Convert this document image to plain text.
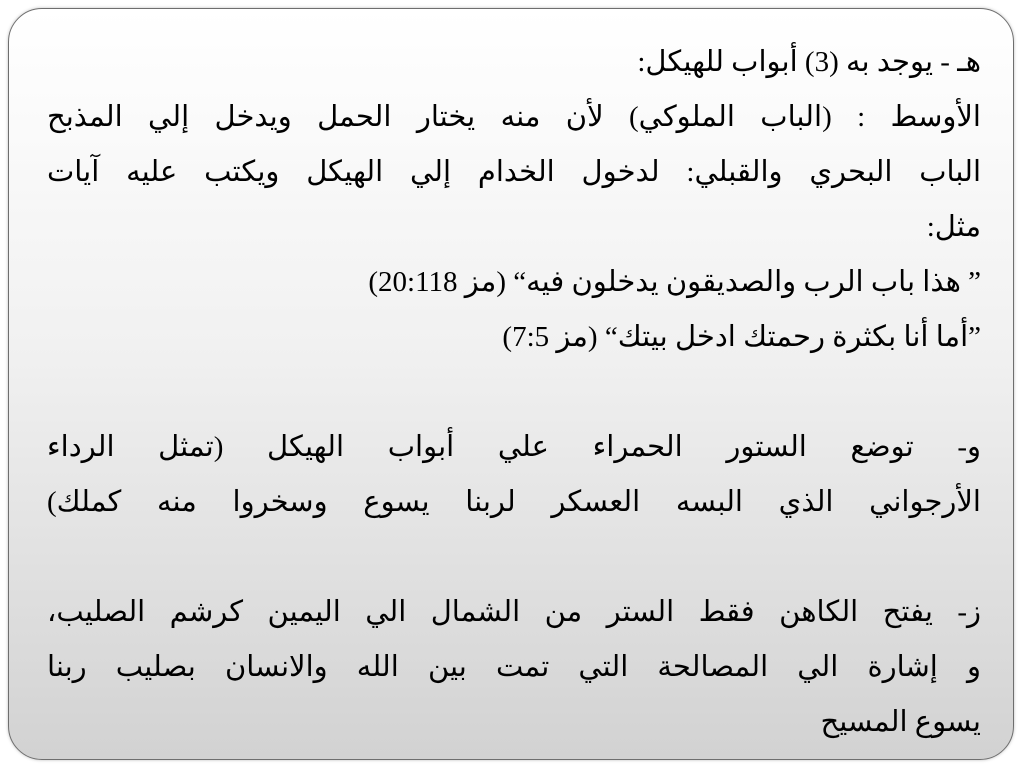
هـ - يوجد به (3) أبواب للهيكل:
الأوسط : (الباب الملوكي) لأن منه يختار الحمل ويدخل إلي المذبح
الباب البحري والقبلي: لدخول الخدام إلي الهيكل ويكتب عليه آيات
مثل:
” هذا باب الرب والصديقون يدخلون فيه“ (مز 20:118)
”أما أنا بكثرة رحمتك ادخل بيتك“ (مز 7:5)
و- توضع الستور الحمراء علي أبواب الهيكل (تمثل الرداء
الأرجواني الذي البسه العسكر لربنا يسوع وسخروا منه كملك)
ز- يفتح الكاهن فقط الستر من الشمال الي اليمين كرشم الصليب،
و إشارة الي المصالحة التي تمت بين الله والانسان بصليب ربنا
يسوع المسيح
